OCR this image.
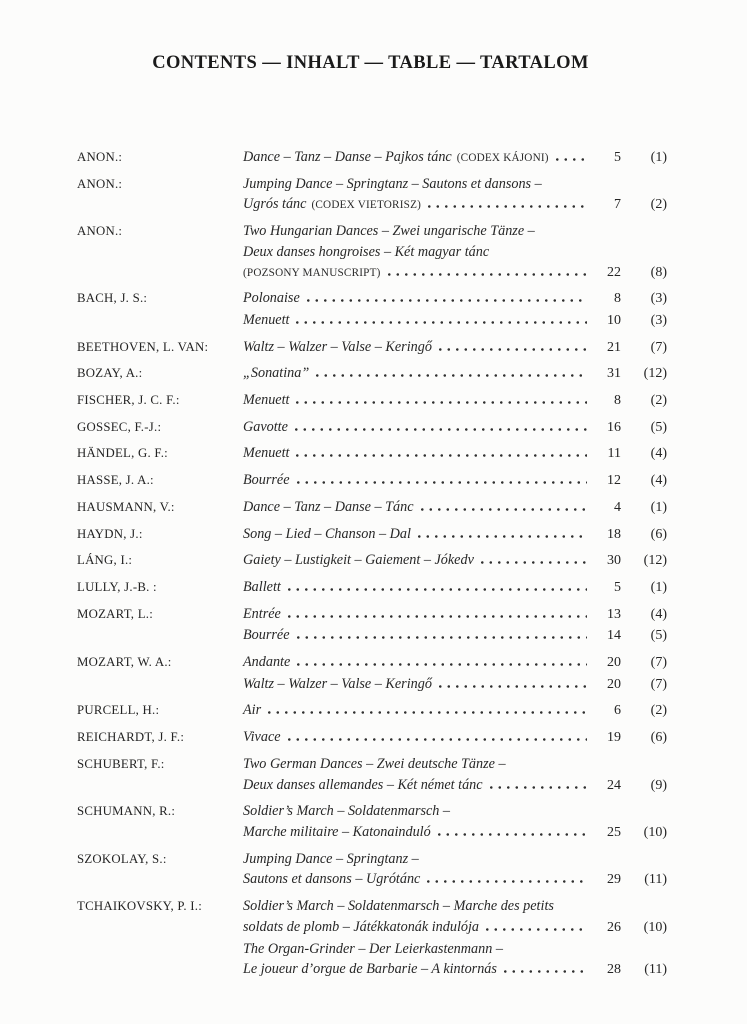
CONTENTS — INHALT — TABLE — TARTALOM
ANON.:	Dance – Tanz – Danse – Pajkos tánc (CODEX KÁJONI)	5	(1)
ANON.:	Jumping Dance – Springtanz – Sautons et dansons –
Ugrós tánc (CODEX VIETORISZ)	7	(2)
ANON.:	Two Hungarian Dances – Zwei ungarische Tänze –
Deux danses hongroises – Két magyar tánc
(POZSONY MANUSCRIPT)	22	(8)
BACH, J. S.:	Polonaise	8	(3)
Menuett	10	(3)
BEETHOVEN, L. VAN:	Waltz – Walzer – Valse – Keringő	21	(7)
BOZAY, A.:	„Sonatina”	31	(12)
FISCHER, J. C. F.:	Menuett	8	(2)
GOSSEC, F.-J.:	Gavotte	16	(5)
HÄNDEL, G. F.:	Menuett	11	(4)
HASSE, J. A.:	Bourrée	12	(4)
HAUSMANN, V.:	Dance – Tanz – Danse – Tánc	4	(1)
HAYDN, J.:	Song – Lied – Chanson – Dal	18	(6)
LÁNG, I.:	Gaiety – Lustigkeit – Gaiement – Jókedv	30	(12)
LULLY, J.-B. :	Ballett	5	(1)
MOZART, L.:	Entrée	13	(4)
Bourrée	14	(5)
MOZART, W. A.:	Andante	20	(7)
Waltz – Walzer – Valse – Keringő	20	(7)
PURCELL, H.:	Air	6	(2)
REICHARDT, J. F.:	Vivace	19	(6)
SCHUBERT, F.:	Two German Dances – Zwei deutsche Tänze –
Deux danses allemandes – Két német tánc	24	(9)
SCHUMANN, R.:	Soldier’s March – Soldatenmarsch –
Marche militaire – Katonainduló	25	(10)
SZOKOLAY, S.:	Jumping Dance – Springtanz –
Sautons et dansons – Ugrótánc	29	(11)
TCHAIKOVSKY, P. I.:	Soldier’s March – Soldatenmarsch – Marche des petits
soldats de plomb – Játékkatonák indulója	26	(10)
The Organ-Grinder – Der Leierkastenmann –
Le joueur d’orgue de Barbarie – A kintornás	28	(11)
